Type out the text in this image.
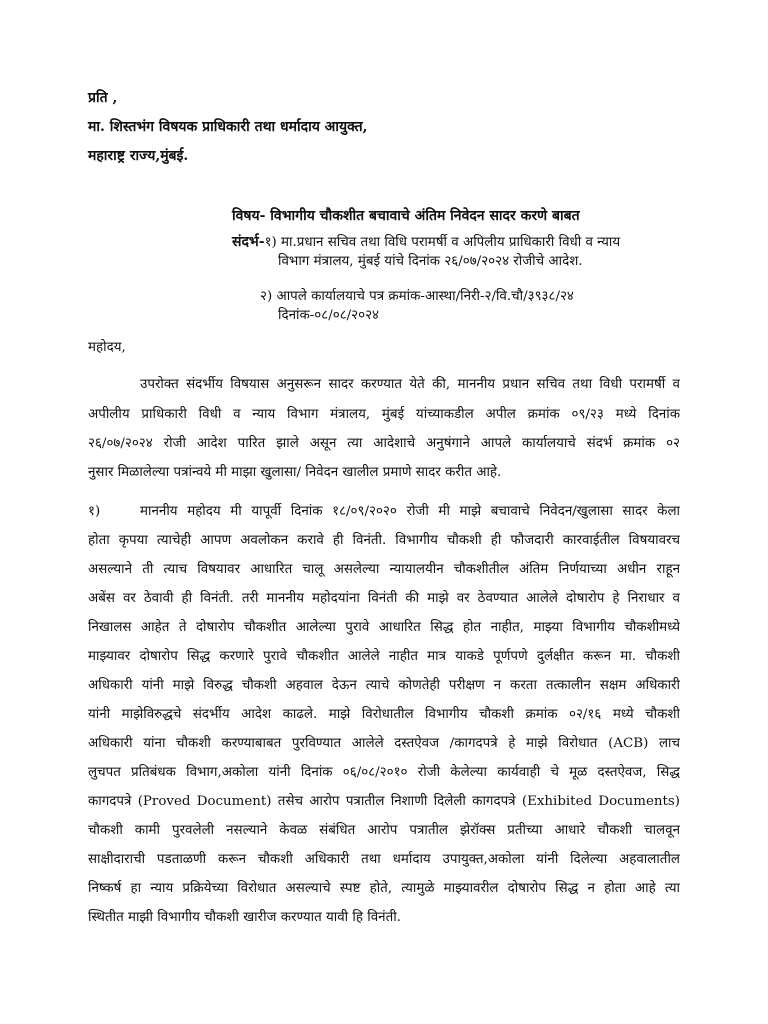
प्रति ,
मा. शिस्तभंग विषयक प्राधिकारी तथा धर्मादाय आयुक्त,
महाराष्ट्र राज्य,मुंबई.
विषय- विभागीय चौकशीत बचावाचे अंतिम निवेदन सादर करणे बाबत
संदर्भ-१) मा.प्रधान सचिव तथा विधि परामर्षी व अपिलीय प्राधिकारी विधी व न्याय
विभाग मंत्रालय, मुंबई यांचे दिनांक २६/०७/२०२४ रोजीचे आदेश.
२) आपले कार्यालयाचे पत्र क्रमांक-आस्था/निरी-२/वि.चौ/३९३८/२४
दिनांक-०८/०८/२०२४
महोदय,
उपरोक्त संदर्भीय विषयास अनुसरून सादर करण्यात येते की, माननीय प्रधान सचिव तथा विधी परामर्षी व
अपीलीय प्राधिकारी विधी व न्याय विभाग मंत्रालय, मुंबई यांच्याकडील अपील क्रमांक ०९/२३ मध्ये दिनांक
२६/०७/२०२४ रोजी आदेश पारित झाले असून त्या आदेशाचे अनुषंगाने आपले कार्यालयाचे संदर्भ क्रमांक ०२
नुसार मिळालेल्या पत्रांन्वये मी माझा खुलासा/ निवेदन खालील प्रमाणे सादर करीत आहे.
१)	माननीय महोदय मी यापूर्वी दिनांक १८/०९/२०२० रोजी मी माझे बचावाचे निवेदन/खुलासा सादर केला
होता कृपया त्याचेही आपण अवलोकन करावे ही विनंती. विभागीय चौकशी ही फौजदारी कारवाईतील विषयावरच
असल्याने ती त्याच विषयावर आधारित चालू असलेल्या न्यायालयीन चौकशीतील अंतिम निर्णयाच्या अधीन राहून
अबेंस वर ठेवावी ही विनंती. तरी माननीय महोदयांना विनंती की माझे वर ठेवण्यात आलेले दोषारोप हे निराधार व
निखालस आहेत ते दोषारोप चौकशीत आलेल्या पुरावे आधारित सिद्ध होत नाहीत, माझ्या विभागीय चौकशीमध्ये
माझ्यावर दोषारोप सिद्ध करणारे पुरावे चौकशीत आलेले नाहीत मात्र याकडे पूर्णपणे दुर्लक्षीत करून मा. चौकशी
अधिकारी यांनी माझे विरुद्ध चौकशी अहवाल देऊन त्याचे कोणतेही परीक्षण न करता तत्कालीन सक्षम अधिकारी
यांनी माझेविरुद्धचे संदर्भीय आदेश काढले. माझे विरोधातील विभागीय चौकशी क्रमांक ०२/१६ मध्ये चौकशी
अधिकारी यांना चौकशी करण्याबाबत पुरविण्यात आलेले दस्तऐवज /कागदपत्रे हे माझे विरोधात (ACB) लाच
लुचपत प्रतिबंधक विभाग,अकोला यांनी दिनांक ०६/०८/२०१० रोजी केलेल्या कार्यवाही चे मूळ दस्तऐवज, सिद्ध
कागदपत्रे (Proved Document) तसेच आरोप पत्रातील निशाणी दिलेली कागदपत्रे (Exhibited Documents)
चौकशी कामी पुरवलेली नसल्याने केवळ संबंधित आरोप पत्रातील झेरॉक्स प्रतीच्या आधारे चौकशी चालवून
साक्षीदाराची पडताळणी करून चौकशी अधिकारी तथा धर्मादाय उपायुक्त,अकोला यांनी दिलेल्या अहवालातील
निष्कर्ष हा न्याय प्रक्रियेच्या विरोधात असल्याचे स्पष्ट होते, त्यामुळे माझ्यावरील दोषारोप सिद्ध न होता आहे त्या
स्थितीत माझी विभागीय चौकशी खारीज करण्यात यावी हि विनंती.
